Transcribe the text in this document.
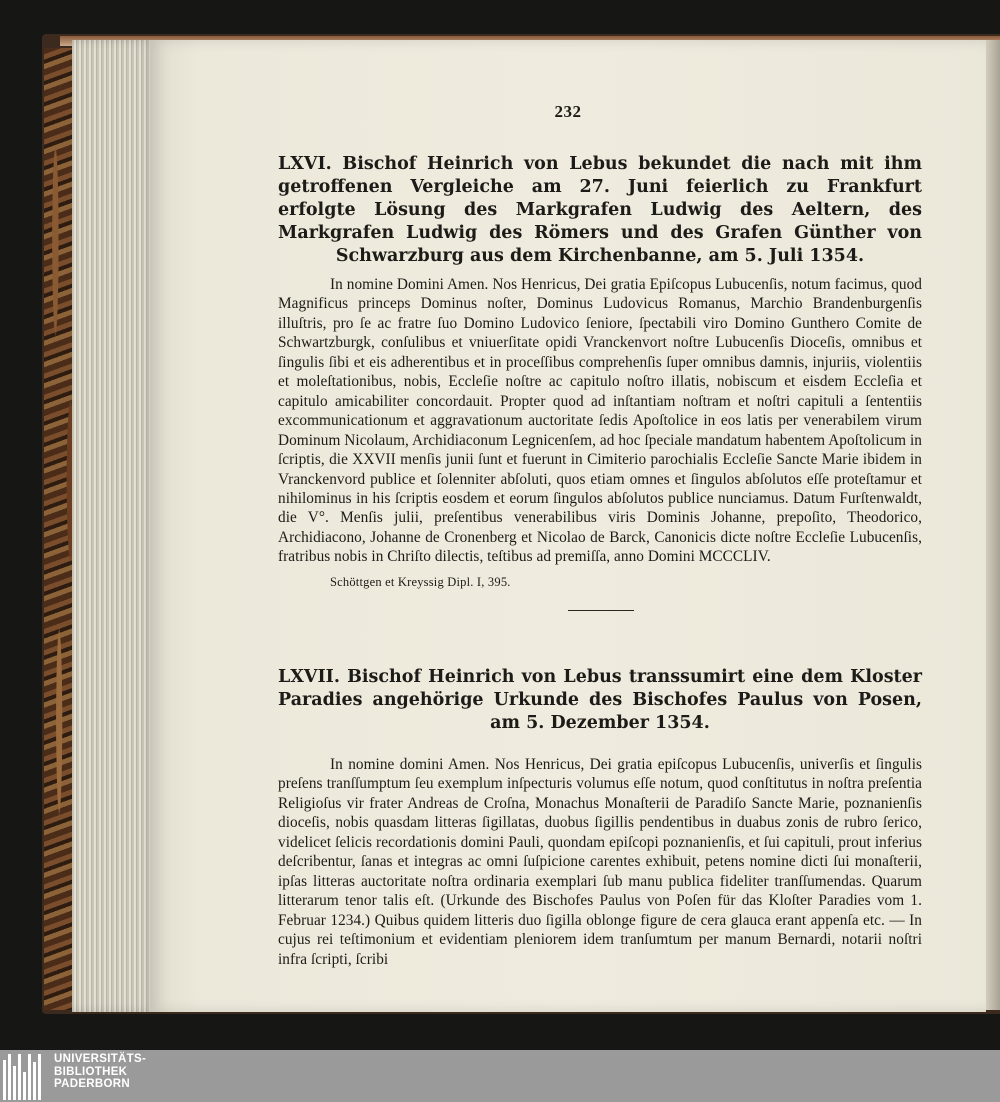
232
LXVI. Bischof Heinrich von Lebus bekundet die nach mit ihm getroffenen Vergleiche am 27. Juni feierlich zu Frankfurt erfolgte Lösung des Markgrafen Ludwig des Aeltern, des Markgrafen Ludwig des Römers und des Grafen Günther von Schwarzburg aus dem Kirchenbanne, am 5. Juli 1354.

In nomine Domini Amen. Nos Henricus, Dei gratia Epiſcopus Lubucenſis, notum facimus, quod Magnificus princeps Dominus noſter, Dominus Ludovicus Romanus, Marchio Brandenburgenſis illuſtris, pro ſe ac fratre ſuo Domino Ludovico ſeniore, ſpectabili viro Domino Gunthero Comite de Schwartzburgk, conſulibus et vniuerſitate opidi Vranckenvort noſtre Lubucenſis Dioceſis, omnibus et ſingulis ſibi et eis adherentibus et in proceſſibus comprehenſis ſuper omnibus damnis, injuriis, violentiis et moleſtationibus, nobis, Eccleſie noſtre ac capitulo noſtro illatis, nobiscum et eisdem Eccleſia et capitulo amicabiliter concordauit. Propter quod ad inſtantiam noſtram et noſtri capituli a ſententiis excommunicationum et aggravationum auctoritate ſedis Apoſtolice in eos latis per venerabilem virum Dominum Nicolaum, Archidiaconum Legnicenſem, ad hoc ſpeciale mandatum habentem Apoſtolicum in ſcriptis, die XXVII menſis junii ſunt et fuerunt in Cimiterio parochialis Eccleſie Sancte Marie ibidem in Vranckenvord publice et ſolenniter abſoluti, quos etiam omnes et ſingulos abſolutos eſſe proteſtamur et nihilominus in his ſcriptis eosdem et eorum ſingulos abſolutos publice nunciamus. Datum Furſtenwaldt, die V°. Menſis julii, preſentibus venerabilibus viris Dominis Johanne, prepoſito, Theodorico, Archidiacono, Johanne de Cronenberg et Nicolao de Barck, Canonicis dicte noſtre Eccleſie Lubucenſis, fratribus nobis in Chriſto dilectis, teſtibus ad premiſſa, anno Domini MCCCLIV.

Schöttgen et Kreyssig Dipl. I, 395.
LXVII. Bischof Heinrich von Lebus transsumirt eine dem Kloster Paradies angehörige Urkunde des Bischofes Paulus von Posen, am 5. Dezember 1354.

In nomine domini Amen. Nos Henricus, Dei gratia epiſcopus Lubucenſis, univerſis et ſingulis preſens tranſſumptum ſeu exemplum inſpecturis volumus eſſe notum, quod conſtitutus in noſtra preſentia Religioſus vir frater Andreas de Croſna, Monachus Monaſterii de Paradiſo Sancte Marie, poznanienſis dioceſis, nobis quasdam litteras ſigillatas, duobus ſigillis pendentibus in duabus zonis de rubro ſerico, videlicet ſelicis recordationis domini Pauli, quondam epiſcopi poznanienſis, et ſui capituli, prout inferius deſcribentur, ſanas et integras ac omni ſuſpicione carentes exhibuit, petens nomine dicti ſui monaſterii, ipſas litteras auctoritate noſtra ordinaria exemplari ſub manu publica fideliter tranſſumendas. Quarum litterarum tenor talis eſt. (Urkunde des Bischofes Paulus von Poſen für das Kloſter Paradies vom 1. Februar 1234.) Quibus quidem litteris duo ſigilla oblonge figure de cera glauca erant appenſa etc. — In cujus rei teſtimonium et evidentiam pleniorem idem tranſumtum per manum Bernardi, notarii noſtri infra ſcripti, ſcribi

UNIVERSITÄTS-
BIBLIOTHEK
PADERBORN
